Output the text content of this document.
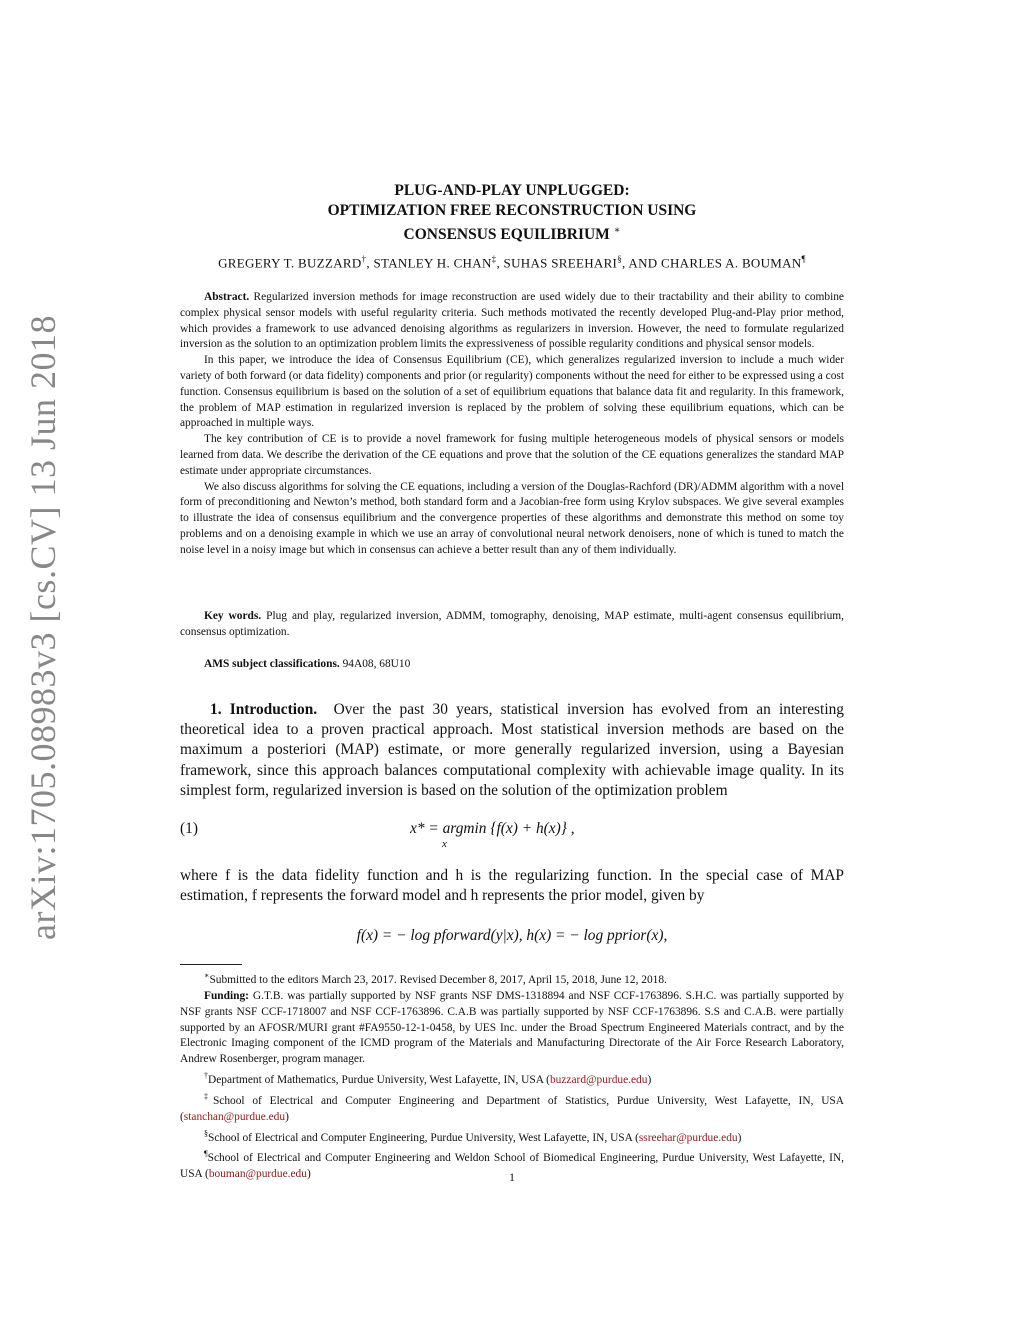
arXiv:1705.08983v3 [cs.CV] 13 Jun 2018
PLUG-AND-PLAY UNPLUGGED:
OPTIMIZATION FREE RECONSTRUCTION USING
CONSENSUS EQUILIBRIUM ∗
GREGERY T. BUZZARD†, STANLEY H. CHAN‡, SUHAS SREEHARI§, AND CHARLES A. BOUMAN¶

Abstract. Regularized inversion methods for image reconstruction are used widely due to their tractability and their ability to combine complex physical sensor models with useful regularity criteria. Such methods motivated the recently developed Plug-and-Play prior method, which provides a framework to use advanced denoising algorithms as regularizers in inversion. However, the need to formulate regularized inversion as the solution to an optimization problem limits the expressiveness of possible regularity conditions and physical sensor models.

In this paper, we introduce the idea of Consensus Equilibrium (CE), which generalizes regularized inversion to include a much wider variety of both forward (or data fidelity) components and prior (or regularity) components without the need for either to be expressed using a cost function. Consensus equilibrium is based on the solution of a set of equilibrium equations that balance data fit and regularity. In this framework, the problem of MAP estimation in regularized inversion is replaced by the problem of solving these equilibrium equations, which can be approached in multiple ways.

The key contribution of CE is to provide a novel framework for fusing multiple heterogeneous models of physical sensors or models learned from data. We describe the derivation of the CE equations and prove that the solution of the CE equations generalizes the standard MAP estimate under appropriate circumstances.

We also discuss algorithms for solving the CE equations, including a version of the Douglas-Rachford (DR)/ADMM algorithm with a novel form of preconditioning and Newton’s method, both standard form and a Jacobian-free form using Krylov subspaces. We give several examples to illustrate the idea of consensus equilibrium and the convergence properties of these algorithms and demonstrate this method on some toy problems and on a denoising example in which we use an array of convolutional neural network denoisers, none of which is tuned to match the noise level in a noisy image but which in consensus can achieve a better result than any of them individually.

Key words. Plug and play, regularized inversion, ADMM, tomography, denoising, MAP estimate, multi-agent consensus equilibrium, consensus optimization.

AMS subject classifications. 94A08, 68U10

1. Introduction. Over the past 30 years, statistical inversion has evolved from an interesting theoretical idea to a proven practical approach. Most statistical inversion methods are based on the maximum a posteriori (MAP) estimate, or more generally regularized inversion, using a Bayesian framework, since this approach balances computational complexity with achievable image quality. In its simplest form, regularized inversion is based on the solution of the optimization problem

(1)	x* = argmin {f(x) + h(x)} ,
x

where f is the data fidelity function and h is the regularizing function. In the special case of MAP estimation, f represents the forward model and h represents the prior model, given by

f(x) = − log pforward(y|x), h(x) = − log pprior(x),

∗Submitted to the editors March 23, 2017. Revised December 8, 2017, April 15, 2018, June 12, 2018.

Funding: G.T.B. was partially supported by NSF grants NSF DMS-1318894 and NSF CCF-1763896. S.H.C. was partially supported by NSF grants NSF CCF-1718007 and NSF CCF-1763896. C.A.B was partially supported by NSF CCF-1763896. S.S and C.A.B. were partially supported by an AFOSR/MURI grant #FA9550-12-1-0458, by UES Inc. under the Broad Spectrum Engineered Materials contract, and by the Electronic Imaging component of the ICMD program of the Materials and Manufacturing Directorate of the Air Force Research Laboratory, Andrew Rosenberger, program manager.

†Department of Mathematics, Purdue University, West Lafayette, IN, USA (buzzard@purdue.edu)

‡School of Electrical and Computer Engineering and Department of Statistics, Purdue University, West Lafayette, IN, USA (stanchan@purdue.edu)

§School of Electrical and Computer Engineering, Purdue University, West Lafayette, IN, USA (ssreehar@purdue.edu)

¶School of Electrical and Computer Engineering and Weldon School of Biomedical Engineering, Purdue University, West Lafayette, IN, USA (bouman@purdue.edu)	1
